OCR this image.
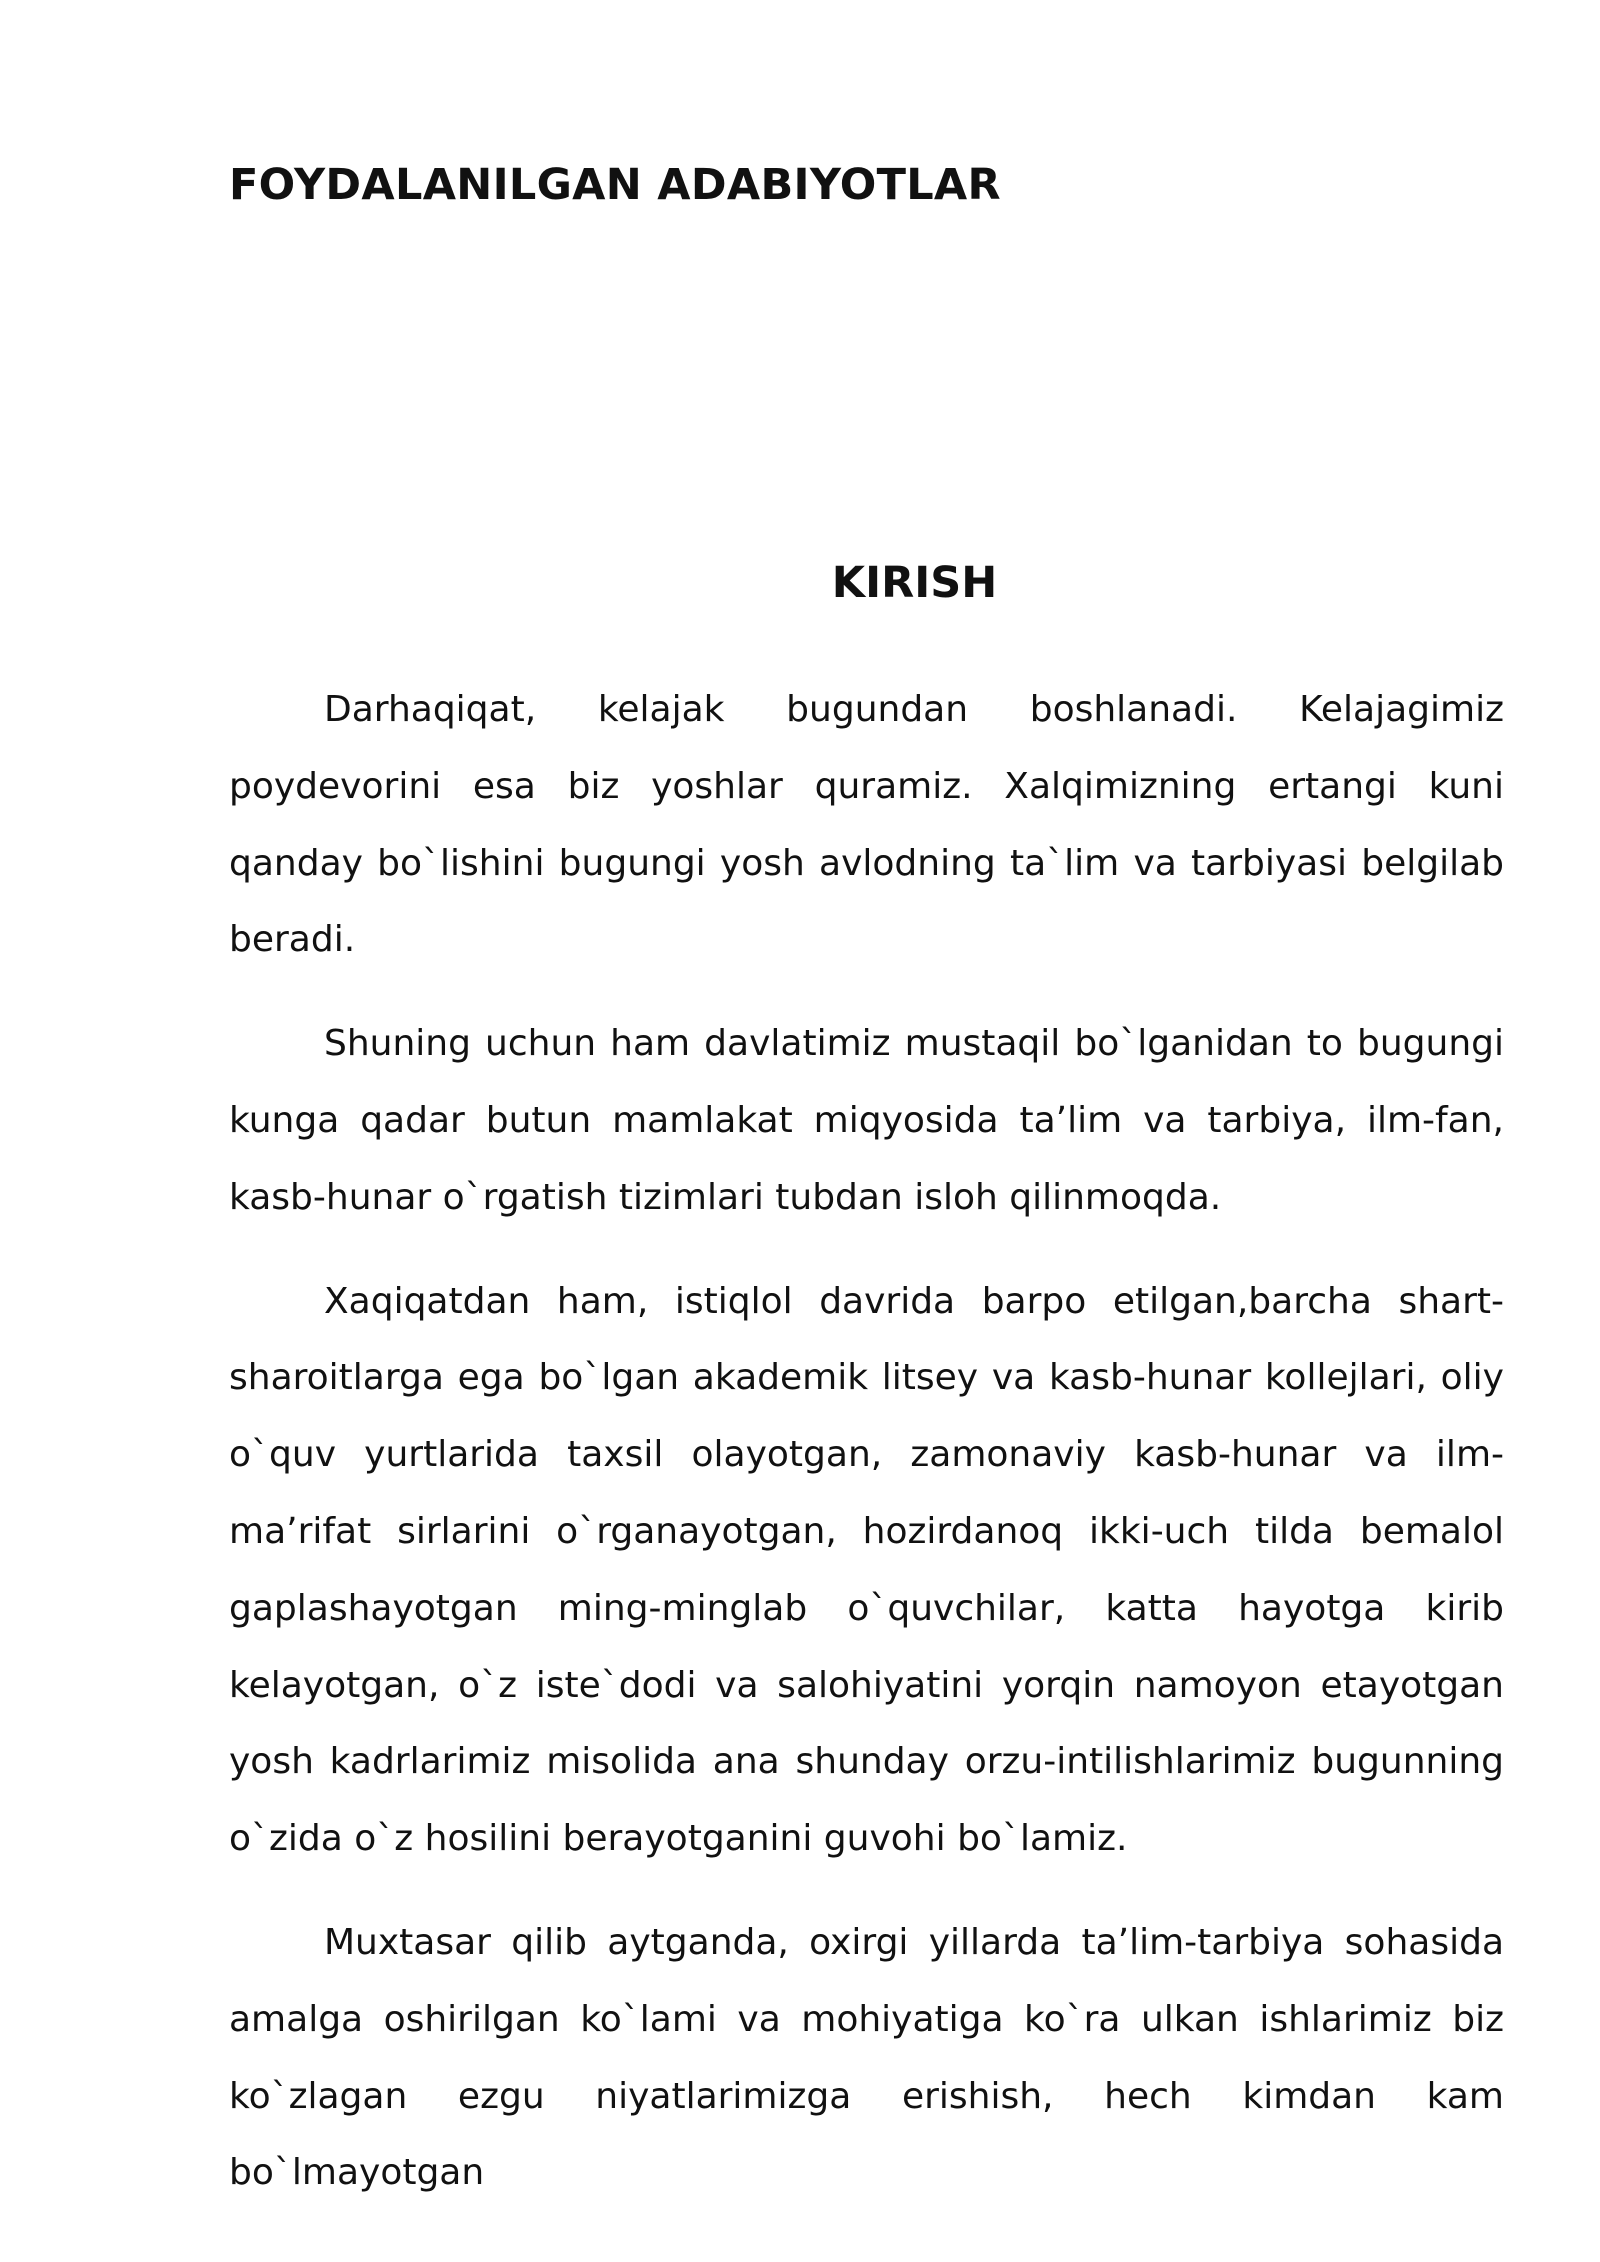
FOYDALANILGAN ADABIYOTLAR
KIRISH

Darhaqiqat, kelajak bugundan boshlanadi. Kelajagimiz poydevorini esa biz yoshlar quramiz. Xalqimizning ertangi kuni qanday bo`lishini bugungi yosh avlodning ta`lim va tarbiyasi belgilab beradi.

Shuning uchun ham davlatimiz mustaqil bo`lganidan to bugungi kunga qadar butun mamlakat miqyosida ta’lim va tarbiya, ilm-fan, kasb-hunar o`rgatish tizimlari tubdan isloh qilinmoqda.

Xaqiqatdan ham, istiqlol davrida barpo etilgan,barcha shart-sharoitlarga ega bo`lgan akademik litsey va kasb-hunar kollejlari, oliy o`quv yurtlarida taxsil olayotgan, zamonaviy kasb-hunar va ilm-ma’rifat sirlarini o`rganayotgan, hozirdanoq ikki-uch tilda bemalol gaplashayotgan ming-minglab o`quvchilar, katta hayotga kirib kelayotgan, o`z iste`dodi va salohiyatini yorqin namoyon etayotgan yosh kadrlarimiz misolida ana shunday orzu-intilishlarimiz bugunning o`zida o`z hosilini berayotganini guvohi bo`lamiz.

Muxtasar qilib aytganda, oxirgi yillarda ta’lim-tarbiya sohasida amalga oshirilgan ko`lami va mohiyatiga ko`ra ulkan ishlarimiz biz ko`zlagan ezgu niyatlarimizga erishish, hech kimdan kam bo`lmayotgan
